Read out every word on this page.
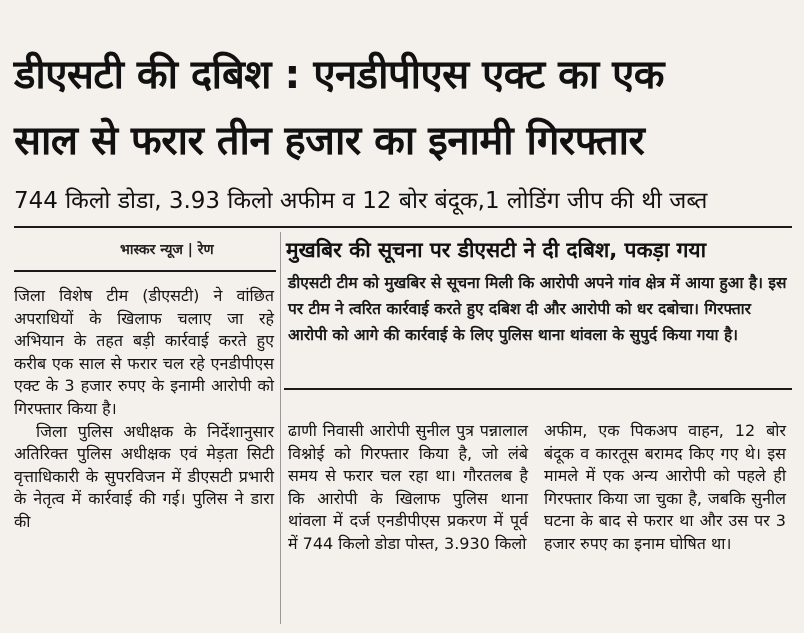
डीएसटी की दबिश : एनडीपीएस एक्ट का एक
साल से फरार तीन हजार का इनामी गिरफ्तार
744 किलो डोडा, 3.93 किलो अफीम व 12 बोर बंदूक,1 लोडिंग जीप की थी जब्त
भास्कर न्यूज | रेण	मुखबिर की सूचना पर डीएसटी ने दी दबिश, पकड़ा गया
डीएसटी टीम को मुखबिर से सूचना मिली कि आरोपी अपने गांव क्षेत्र में आया हुआ है। इस पर टीम ने त्वरित कार्रवाई करते हुए दबिश दी और आरोपी को धर दबोचा। गिरफ्तार आरोपी को आगे की कार्रवाई के लिए पुलिस थाना थांवला के सुपुर्द किया गया है।

जिला विशेष टीम (डीएसटी) ने वांछित अपराधियों के खिलाफ चलाए जा रहे अभियान के तहत बड़ी कार्रवाई करते हुए करीब एक साल से फरार चल रहे एनडीपीएस एक्ट के 3 हजार रुपए के इनामी आरोपी को गिरफ्तार किया है।

जिला पुलिस अधीक्षक के निर्देशानुसार अतिरिक्त पुलिस अधीक्षक एवं मेड़ता सिटी वृत्ताधिकारी के सुपरविजन में डीएसटी प्रभारी के नेतृत्व में कार्रवाई की गई। पुलिस ने डारा की

ढाणी निवासी आरोपी सुनील पुत्र पन्नालाल विश्नोई को गिरफ्तार किया है, जो लंबे समय से फरार चल रहा था। गौरतलब है कि आरोपी के खिलाफ पुलिस थाना थांवला में दर्ज एनडीपीएस प्रकरण में पूर्व में 744 किलो डोडा पोस्त, 3.930 किलो

अफीम, एक पिकअप वाहन, 12 बोर बंदूक व कारतूस बरामद किए गए थे। इस मामले में एक अन्य आरोपी को पहले ही गिरफ्तार किया जा चुका है, जबकि सुनील घटना के बाद से फरार था और उस पर 3 हजार रुपए का इनाम घोषित था।
